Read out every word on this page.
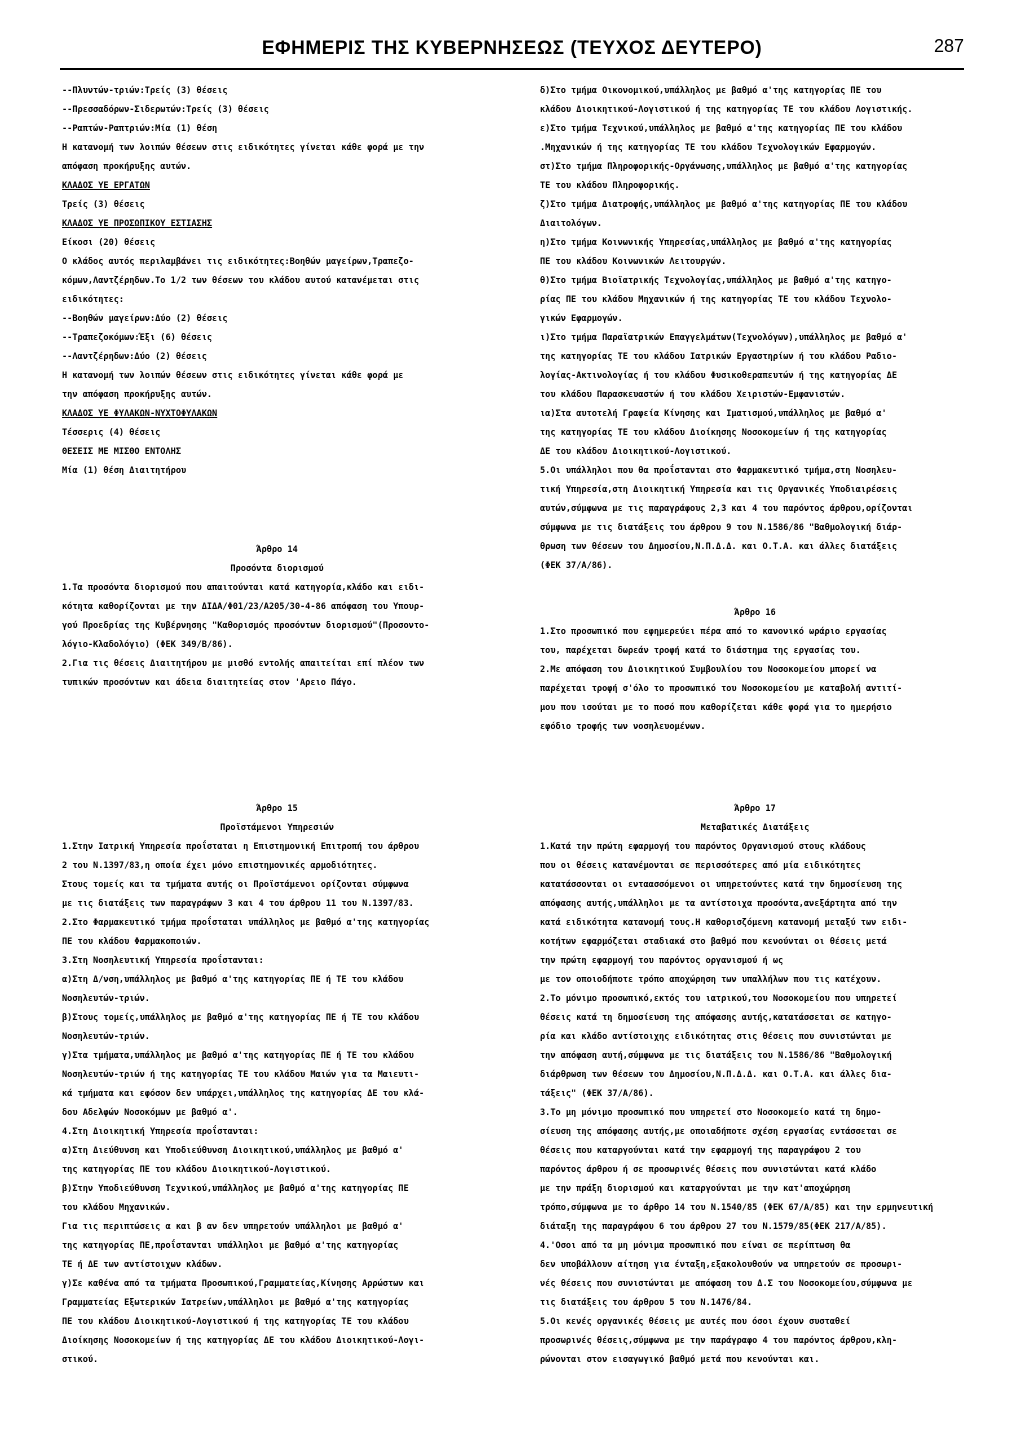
ΕΦΗΜΕΡΙΣ ΤΗΣ ΚΥΒΕΡΝΗΣΕΩΣ (ΤΕΥΧΟΣ ΔΕΥΤΕΡΟ)	287

--Πλυντών-τριών:Τρείς (3) θέσεις

--Πρεσσαδόρων-Σιδερωτών:Τρείς (3) θέσεις

--Ραπτών-Ραπτριών:Μία (1) θέση

Η κατανομή των λοιπών θέσεων στις ειδικότητες γίνεται κάθε φορά με την

απόφαση προκήρυξης αυτών.

ΚΛΑΔΟΣ ΥΕ ΕΡΓΑΤΩΝ

Τρείς (3) θέσεις

ΚΛΑΔΟΣ ΥΕ ΠΡΟΣΩΠΙΚΟΥ ΕΣΤΙΑΣΗΣ

Είκοσι (20) θέσεις

Ο κλάδος αυτός περιλαμβάνει τις ειδικότητες:Βοηθών μαγείρων,Τραπεζο-

κόμων,Λαντζέρηδων.Το 1/2 των θέσεων του κλάδου αυτού κατανέμεται στις

ειδικότητες:

--Βοηθών μαγείρων:Δύο (2) θέσεις

--Τραπεζοκόμων:Έξι (6) θέσεις

--Λαντζέρηδων:Δύο (2) θέσεις

Η κατανομή των λοιπών θέσεων στις ειδικότητες γίνεται κάθε φορά με

την απόφαση προκήρυξης αυτών.

ΚΛΑΔΟΣ ΥΕ ΦΥΛΑΚΩΝ-ΝΥΧΤΟΦΥΛΑΚΩΝ

Τέσσερις (4) θέσεις

ΘΕΣΕΙΣ ΜΕ ΜΙΣΘΟ ΕΝΤΟΛΗΣ

Μία (1) θέση Διαιτητήρου

Άρθρο 14

Προσόντα διορισμού

1.Τα προσόντα διορισμού που απαιτούνται κατά κατηγορία,κλάδο και ειδι-

κότητα καθορίζονται με την ΔΙΔΑ/Φ01/23/Α205/30-4-86 απόφαση του Υπουρ-

γού Προεδρίας της Κυβέρνησης "Καθορισμός προσόντων διορισμού"(Προσοντο-

λόγιο-Κλαδολόγιο) (ΦΕΚ 349/Β/86).

2.Για τις θέσεις Διαιτητήρου με μισθό εντολής απαιτείται επί πλέον των

τυπικών προσόντων και άδεια διαιτητείας στον 'Αρειο Πάγο.

δ)Στο τμήμα Οικονομικού,υπάλληλος με βαθμό α'της κατηγορίας ΠΕ του

κλάδου Διοικητικού-Λογιστικού ή της κατηγορίας ΤΕ του κλάδου Λογιστικής.

ε)Στο τμήμα Τεχνικού,υπάλληλος με βαθμό α'της κατηγορίας ΠΕ του κλάδου

.Μηχανικών ή της κατηγορίας ΤΕ του κλάδου Τεχνολογικών Εφαρμογών.

στ)Στο τμήμα Πληροφορικής-Οργάνωσης,υπάλληλος με βαθμό α'της κατηγορίας

ΤΕ του κλάδου Πληροφορικής.

ζ)Στο τμήμα Διατροφής,υπάλληλος με βαθμό α'της κατηγορίας ΠΕ του κλάδου

Διαιτολόγων.

η)Στο τμήμα Κοινωνικής Υπηρεσίας,υπάλληλος με βαθμό α'της κατηγορίας

ΠΕ του κλάδου Κοινωνικών Λειτουργών.

θ)Στο τμήμα Βιοϊατρικής Τεχνολογίας,υπάλληλος με βαθμό α'της κατηγο-

ρίας ΠΕ του κλάδου Μηχανικών ή της κατηγορίας ΤΕ του κλάδου Τεχνολο-

γικών Εφαρμογών.

ι)Στο τμήμα Παραϊατρικών Επαγγελμάτων(Τεχνολόγων),υπάλληλος με βαθμό α'

της κατηγορίας ΤΕ του κλάδου Ιατρικών Εργαστηρίων ή του κλάδου Ραδιο-

λογίας-Ακτινολογίας ή του κλάδου Φυσικοθεραπευτών ή της κατηγορίας ΔΕ

του κλάδου Παρασκευαστών ή του κλάδου Χειριστών-Εμφανιστών.

ια)Στα αυτοτελή Γραφεία Κίνησης και Ιματισμού,υπάλληλος με βαθμό α'

της κατηγορίας ΤΕ του κλάδου Διοίκησης Νοσοκομείων ή της κατηγορίας

ΔΕ του κλάδου Διοικητικού-Λογιστικού.

5.Οι υπάλληλοι που θα προΐστανται στο Φαρμακευτικό τμήμα,στη Νοσηλευ-

τική Υπηρεσία,στη Διοικητική Υπηρεσία και τις Οργανικές Υποδιαιρέσεις

αυτών,σύμφωνα με τις παραγράφους 2,3 και 4 του παρόντος άρθρου,ορίζονται

σύμφωνα με τις διατάξεις του άρθρου 9 του Ν.1586/86 "Βαθμολογική διάρ-

θρωση των θέσεων του Δημοσίου,Ν.Π.Δ.Δ. και Ο.Τ.Α. και άλλες διατάξεις

(ΦΕΚ 37/Α/86).

Άρθρο 16

1.Στο προσωπικό που εφημερεύει πέρα από το κανονικό ωράριο εργασίας

του, παρέχεται δωρεάν τροφή κατά το διάστημα της εργασίας του.

2.Με απόφαση του Διοικητικού Συμβουλίου του Νοσοκομείου μπορεί να

παρέχεται τροφή σ'όλο το προσωπικό του Νοσοκομείου με καταβολή αντιτί-

μου που ισούται με το ποσό που καθορίζεται κάθε φορά για το ημερήσιο

εφόδιο τροφής των νοσηλευομένων.

Άρθρο 15

Προϊστάμενοι Υπηρεσιών

1.Στην Ιατρική Υπηρεσία προΐσταται η Επιστημονική Επιτροπή του άρθρου

2 του Ν.1397/83,η οποία έχει μόνο επιστημονικές αρμοδιότητες.

Στους τομείς και τα τμήματα αυτής οι Προϊστάμενοι ορίζονται σύμφωνα

με τις διατάξεις των παραγράφων 3 και 4 του άρθρου 11 του Ν.1397/83.

2.Στο Φαρμακευτικό τμήμα προΐσταται υπάλληλος με βαθμό α'της κατηγορίας

ΠΕ του κλάδου Φαρμακοποιών.

3.Στη Νοσηλευτική Υπηρεσία προΐστανται:

α)Στη Δ/νση,υπάλληλος με βαθμό α'της κατηγορίας ΠΕ ή ΤΕ του κλάδου

Νοσηλευτών-τριών.

β)Στους τομείς,υπάλληλος με βαθμό α'της κατηγορίας ΠΕ ή ΤΕ του κλάδου

Νοσηλευτών-τριών.

γ)Στα τμήματα,υπάλληλος με βαθμό α'της κατηγορίας ΠΕ ή ΤΕ του κλάδου

Νοσηλευτών-τριών ή της κατηγορίας ΤΕ του κλάδου Μαιών για τα Μαιευτι-

κά τμήματα και εφόσον δεν υπάρχει,υπάλληλος της κατηγορίας ΔΕ του κλά-

δου Αδελφών Νοσοκόμων με βαθμό α'.

4.Στη Διοικητική Υπηρεσία προΐστανται:

α)Στη Διεύθυνση και Υποδιεύθυνση Διοικητικού,υπάλληλος με βαθμό α'

της κατηγορίας ΠΕ του κλάδου Διοικητικού-Λογιστικού.

β)Στην Υποδιεύθυνση Τεχνικού,υπάλληλος με βαθμό α'της κατηγορίας ΠΕ

του κλάδου Μηχανικών.

Για τις περιπτώσεις α και β αν δεν υπηρετούν υπάλληλοι με βαθμό α'

της κατηγορίας ΠΕ,προΐστανται υπάλληλοι με βαθμό α'της κατηγορίας

ΤΕ ή ΔΕ των αντίστοιχων κλάδων.

γ)Σε καθένα από τα τμήματα Προσωπικού,Γραμματείας,Κίνησης Αρρώστων και

Γραμματείας Εξωτερικών Ιατρείων,υπάλληλοι με βαθμό α'της κατηγορίας

ΠΕ του κλάδου Διοικητικού-Λογιστικού ή της κατηγορίας ΤΕ του κλάδου

Διοίκησης Νοσοκομείων ή της κατηγορίας ΔΕ του κλάδου Διοικητικού-Λογι-

στικού.

Άρθρο 17

Μεταβατικές Διατάξεις

1.Κατά την πρώτη εφαρμογή του παρόντος Οργανισμού στους κλάδους

που οι θέσεις κατανέμονται σε περισσότερες από μία ειδικότητες

κατατάσσονται οι ενταασσόμενοι οι υπηρετούντες κατά την δημοσίευση της

απόφασης αυτής,υπάλληλοι με τα αντίστοιχα προσόντα,ανεξάρτητα από την

κατά ειδικότητα κατανομή τους.Η καθορισζόμενη κατανομή μεταξύ των ειδι-

κοτήτων εφαρμόζεται σταδιακά στο βαθμό που κενούνται οι θέσεις μετά

την πρώτη εφαρμογή του παρόντος οργανισμού ή ως

με τον οποιοδήποτε τρόπο αποχώρηση των υπαλλήλων που τις κατέχουν.

2.Το μόνιμο προσωπικό,εκτός του ιατρικού,του Νοσοκομείου που υπηρετεί

θέσεις κατά τη δημοσίευση της απόφασης αυτής,κατατάσσεται σε κατηγο-

ρία και κλάδο αντίστοιχης ειδικότητας στις θέσεις που συνιστώνται με

την απόφαση αυτή,σύμφωνα με τις διατάξεις του Ν.1586/86 "Βαθμολογική

διάρθρωση των θέσεων του Δημοσίου,Ν.Π.Δ.Δ. και Ο.Τ.Α. και άλλες δια-

τάξεις" (ΦΕΚ 37/Α/86).

3.Το μη μόνιμο προσωπικό που υπηρετεί στο Νοσοκομείο κατά τη δημο-

σίευση της απόφασης αυτής,με οποιαδήποτε σχέση εργασίας εντάσσεται σε

θέσεις που καταργούνται κατά την εφαρμογή της παραγράφου 2 του

παρόντος άρθρου ή σε προσωρινές θέσεις που συνιστώνται κατά κλάδο

με την πράξη διορισμού και καταργούνται με την κατ'αποχώρηση

τρόπο,σύμφωνα με το άρθρο 14 του Ν.1540/85 (ΦΕΚ 67/Α/85) και την ερμηνευτική

διάταξη της παραγράφου 6 του άρθρου 27 του Ν.1579/85(ΦΕΚ 217/Α/85).

4.'Οσοι από τα μη μόνιμα προσωπικό που είναι σε περίπτωση θα

δεν υποβάλλουν αίτηση για ένταξη,εξακολουθούν να υπηρετούν σε προσωρι-

νές θέσεις που συνιστώνται με απόφαση του Δ.Σ του Νοσοκομείου,σύμφωνα με

τις διατάξεις του άρθρου 5 του Ν.1476/84.

5.Οι κενές οργανικές θέσεις με αυτές που όσοι έχουν συσταθεί

προσωρινές θέσεις,σύμφωνα με την παράγραφο 4 του παρόντος άρθρου,κλη-

ρώνονται στον εισαγωγικό βαθμό μετά που κενούνται και.
